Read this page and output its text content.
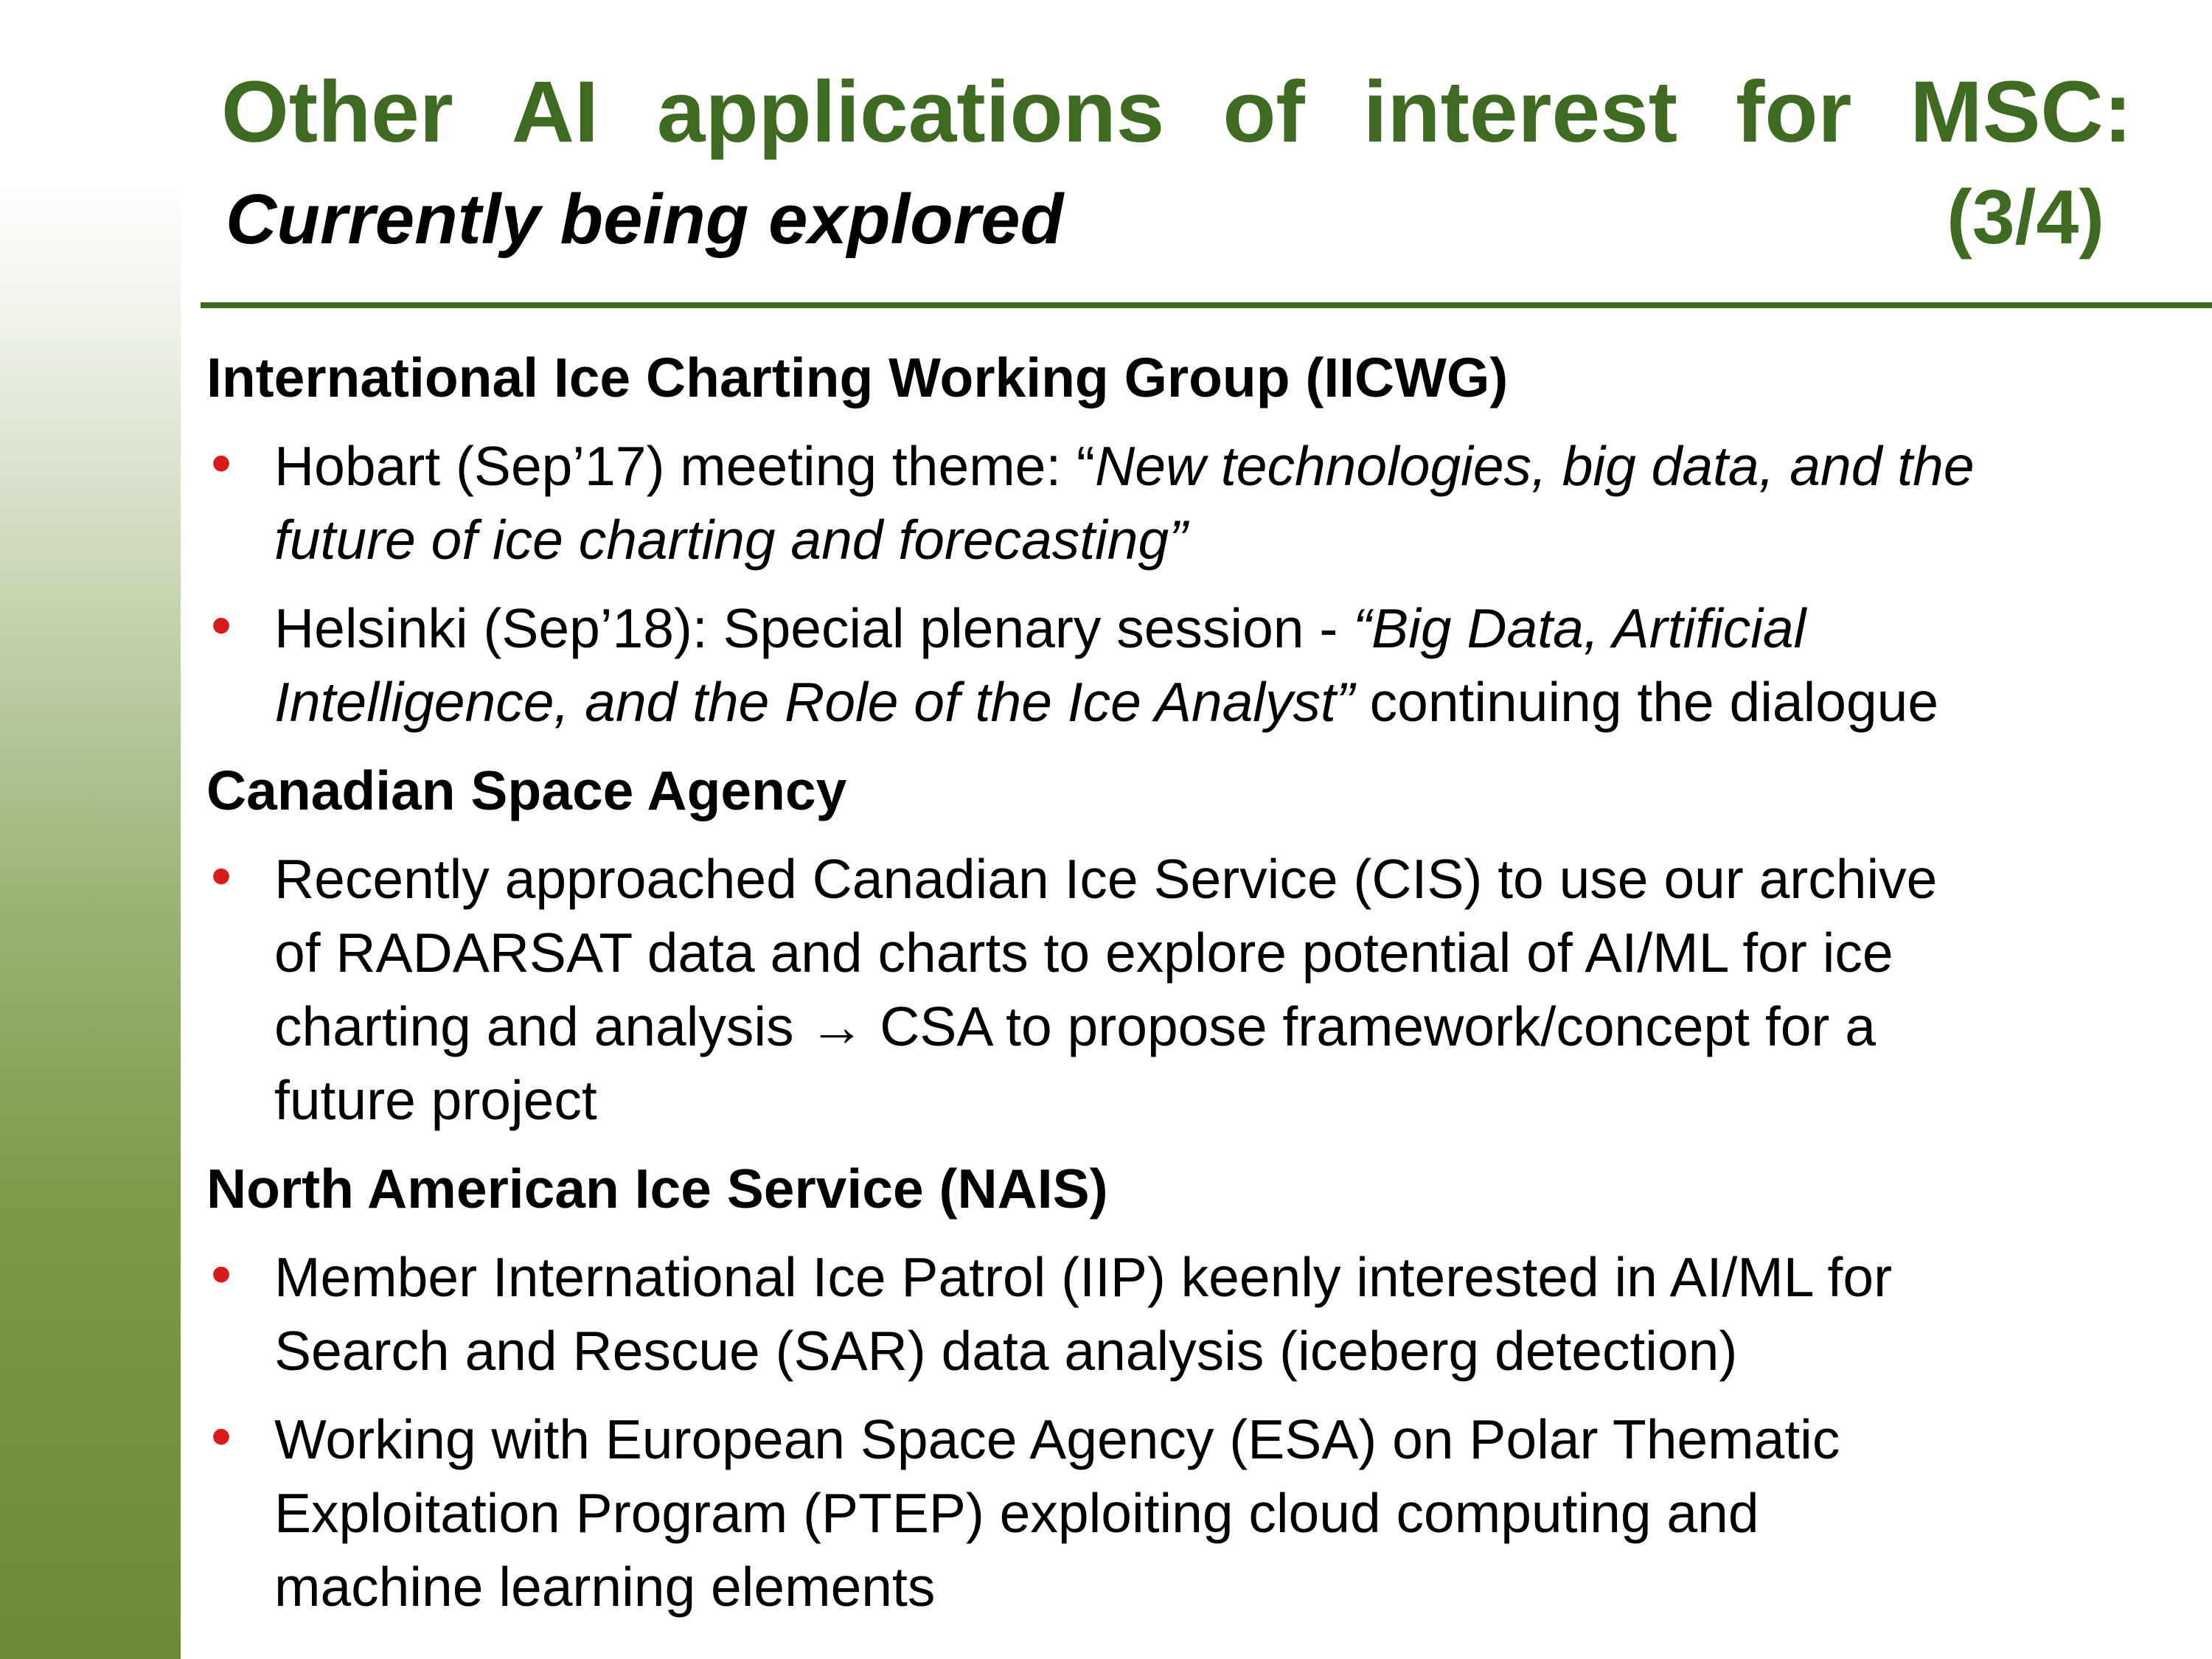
Other AI applications of interest for MSC:
Currently being explored	(3/4)
International Ice Charting Working Group (IICWG)
• Hobart (Sep’17) meeting theme: “New technologies, big data, and the
future of ice charting and forecasting”
• Helsinki (Sep’18): Special plenary session - “Big Data, Artificial
Intelligence, and the Role of the Ice Analyst” continuing the dialogue
Canadian Space Agency
• Recently approached Canadian Ice Service (CIS) to use our archive
of RADARSAT data and charts to explore potential of AI/ML for ice
charting and analysis → CSA to propose framework/concept for a
future project
North American Ice Service (NAIS)
• Member International Ice Patrol (IIP) keenly interested in AI/ML for
Search and Rescue (SAR) data analysis (iceberg detection)
• Working with European Space Agency (ESA) on Polar Thematic
Exploitation Program (PTEP) exploiting cloud computing and
machine learning elements
